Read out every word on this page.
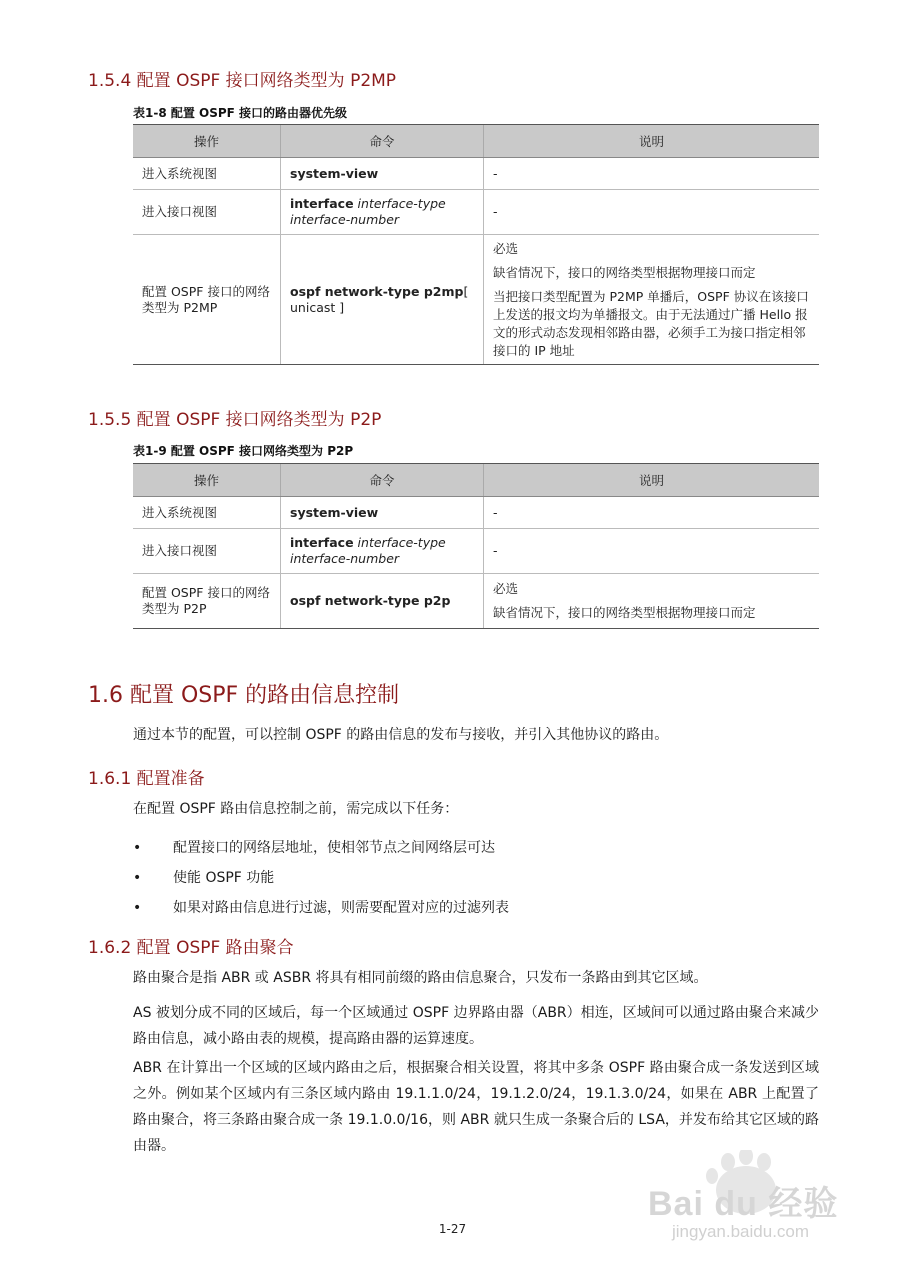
1.5.4 配置 OSPF 接口网络类型为 P2MP

表1-8 配置 OSPF 接口的路由器优先级

操作	命令	说明
进入系统视图	system-view	-
进入接口视图	interface interface-type interface-number	-
配置 OSPF 接口的网络类型为 P2MP	ospf network-type p2mp[ unicast ]	必选

缺省情况下，接口的网络类型根据物理接口而定

当把接口类型配置为 P2MP 单播后，OSPF 协议在该接口上发送的报文均为单播报文。由于无法通过广播 Hello 报文的形式动态发现相邻路由器，必须手工为接口指定相邻接口的 IP 地址

1.5.5 配置 OSPF 接口网络类型为 P2P

表1-9 配置 OSPF 接口网络类型为 P2P

操作	命令	说明
进入系统视图	system-view	-
进入接口视图	interface interface-type interface-number	-
配置 OSPF 接口的网络类型为 P2P	ospf network-type p2p	必选

缺省情况下，接口的网络类型根据物理接口而定

1.6 配置 OSPF 的路由信息控制

通过本节的配置，可以控制 OSPF 的路由信息的发布与接收，并引入其他协议的路由。

1.6.1 配置准备

在配置 OSPF 路由信息控制之前，需完成以下任务：

• 配置接口的网络层地址，使相邻节点之间网络层可达
• 使能 OSPF 功能
• 如果对路由信息进行过滤，则需要配置对应的过滤列表
1.6.2 配置 OSPF 路由聚合

路由聚合是指 ABR 或 ASBR 将具有相同前缀的路由信息聚合，只发布一条路由到其它区域。

AS 被划分成不同的区域后，每一个区域通过 OSPF 边界路由器（ABR）相连，区域间可以通过路由聚合来减少路由信息，减小路由表的规模，提高路由器的运算速度。

ABR 在计算出一个区域的区域内路由之后，根据聚合相关设置，将其中多条 OSPF 路由聚合成一条发送到区域之外。例如某个区域内有三条区域内路由 19.1.1.0/24，19.1.2.0/24，19.1.3.0/24，如果在 ABR 上配置了路由聚合，将三条路由聚合成一条 19.1.0.0/16，则 ABR 就只生成一条聚合后的 LSA，并发布给其它区域的路由器。

1-27
Bai du 经验
jingyan.baidu.com
